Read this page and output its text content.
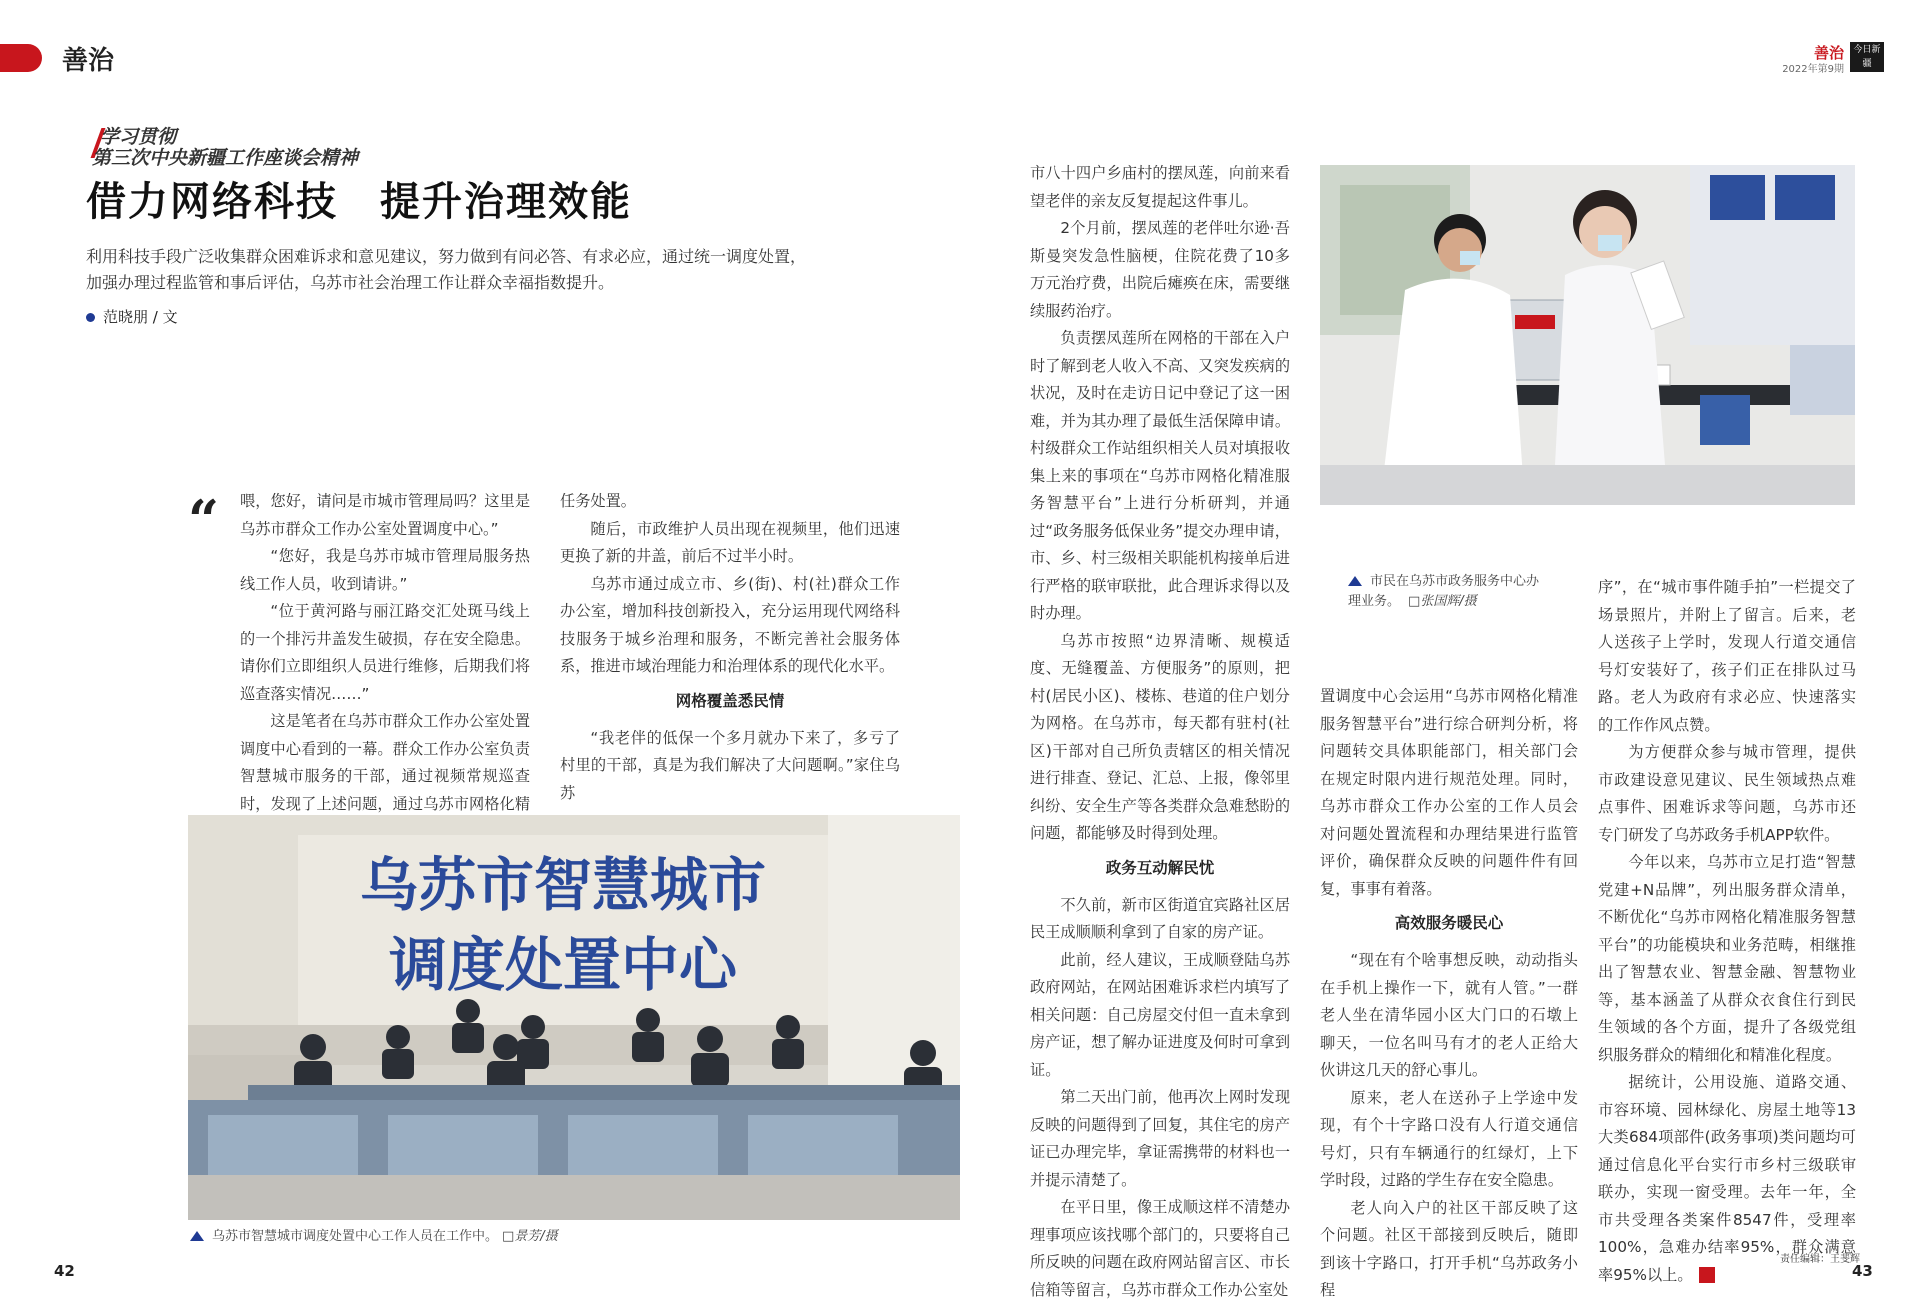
善治	善治
2022年第9期
今日新疆
学习贯彻
第三次中央新疆工作座谈会精神
借力网络科技　提升治理效能
利用科技手段广泛收集群众困难诉求和意见建议，努力做到有问必答、有求必应，通过统一调度处置，加强办理过程监管和事后评估，乌苏市社会治理工作让群众幸福指数提升。
范晓朋 / 文
“ 喂，您好，请问是市城市管理局吗？这里是乌苏市群众工作办公室处置调度中心。”

“您好，我是乌苏市城市管理局服务热线工作人员，收到请讲。”

“位于黄河路与丽江路交汇处斑马线上的一个排污井盖发生破损，存在安全隐患。请你们立即组织人员进行维修，后期我们将巡查落实情况……”

这是笔者在乌苏市群众工作办公室处置调度中心看到的一幕。群众工作办公室负责智慧城市服务的干部，通过视频常规巡查时，发现了上述问题，通过乌苏市网格化精

任务处置。

随后，市政维护人员出现在视频里，他们迅速更换了新的井盖，前后不过半小时。

乌苏市通过成立市、乡(街)、村(社)群众工作办公室，增加科技创新投入，充分运用现代网络科技服务于城乡治理和服务，不断完善社会服务体系，推进市域治理能力和治理体系的现代化水平。

网格覆盖悉民情

“我老伴的低保一个多月就办下来了，多亏了村里的干部，真是为我们解决了大问题啊。”家住乌苏

乌苏市智慧城市
调度处置中心
乌苏市智慧城市调度处置中心工作人员在工作中。 □景芳/摄

市八十四户乡庙村的摆凤莲，向前来看望老伴的亲友反复提起这件事儿。

2个月前，摆凤莲的老伴吐尔逊·吾斯曼突发急性脑梗，住院花费了10多万元治疗费，出院后瘫痪在床，需要继续服药治疗。

负责摆凤莲所在网格的干部在入户时了解到老人收入不高、又突发疾病的状况，及时在走访日记中登记了这一困难，并为其办理了最低生活保障申请。村级群众工作站组织相关人员对填报收集上来的事项在“乌苏市网格化精准服务智慧平台”上进行分析研判，并通过“政务服务低保业务”提交办理申请，市、乡、村三级相关职能机构接单后进行严格的联审联批，此合理诉求得以及时办理。

乌苏市按照“边界清晰、规模适度、无缝覆盖、方便服务”的原则，把村(居民小区)、楼栋、巷道的住户划分为网格。在乌苏市，每天都有驻村(社区)干部对自己所负责辖区的相关情况进行排查、登记、汇总、上报，像邻里纠纷、安全生产等各类群众急难愁盼的问题，都能够及时得到处理。

政务互动解民忧

不久前，新市区街道宜宾路社区居民王成顺顺利拿到了自家的房产证。

此前，经人建议，王成顺登陆乌苏政府网站，在网站困难诉求栏内填写了相关问题：自己房屋交付但一直未拿到房产证，想了解办证进度及何时可拿到证。

第二天出门前，他再次上网时发现反映的问题得到了回复，其住宅的房产证已办理完毕，拿证需携带的材料也一并提示清楚了。

在平日里，像王成顺这样不清楚办理事项应该找哪个部门的，只要将自己所反映的问题在政府网站留言区、市长信箱等留言，乌苏市群众工作办公室处

市民在乌苏市政务服务中心办理业务。 □张国辉/摄

置调度中心会运用“乌苏市网格化精准服务智慧平台”进行综合研判分析，将问题转交具体职能部门，相关部门会在规定时限内进行规范处理。同时，乌苏市群众工作办公室的工作人员会对问题处置流程和办理结果进行监管评价，确保群众反映的问题件件有回复，事事有着落。

高效服务暖民心

“现在有个啥事想反映，动动指头在手机上操作一下，就有人管。”一群老人坐在清华园小区大门口的石墩上聊天，一位名叫马有才的老人正给大伙讲这几天的舒心事儿。

原来，老人在送孙子上学途中发现，有个十字路口没有人行道交通信号灯，只有车辆通行的红绿灯，上下学时段，过路的学生存在安全隐患。

老人向入户的社区干部反映了这个问题。社区干部接到反映后，随即到该十字路口，打开手机“乌苏政务小程

序”，在“城市事件随手拍”一栏提交了场景照片，并附上了留言。后来，老人送孩子上学时，发现人行道交通信号灯安装好了，孩子们正在排队过马路。老人为政府有求必应、快速落实的工作作风点赞。

为方便群众参与城市管理，提供市政建设意见建议、民生领域热点难点事件、困难诉求等问题，乌苏市还专门研发了乌苏政务手机APP软件。

今年以来，乌苏市立足打造“智慧党建+N品牌”，列出服务群众清单，不断优化“乌苏市网格化精准服务智慧平台”的功能模块和业务范畴，相继推出了智慧农业、智慧金融、智慧物业等，基本涵盖了从群众衣食住行到民生领域的各个方面，提升了各级党组织服务群众的精细化和精准化程度。

据统计，公用设施、道路交通、市容环境、园林绿化、房屋土地等13大类684项部件(政务事项)类问题均可通过信息化平台实行市乡村三级联审联办，实现一窗受理。去年一年，全市共受理各类案件8547件，受理率100%，急难办结率95%，群众满意率95%以上。

42
责任编辑：王斐辉
43
